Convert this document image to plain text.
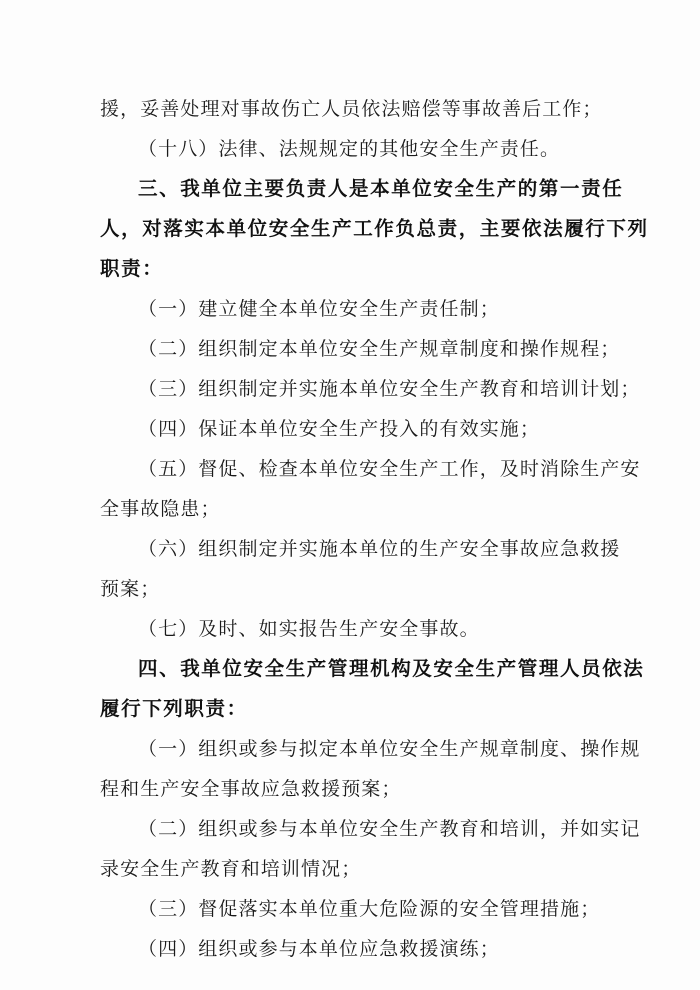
援，妥善处理对事故伤亡人员依法赔偿等事故善后工作；
（十八）法律、法规规定的其他安全生产责任。
三、我单位主要负责人是本单位安全生产的第一责任
人，对落实本单位安全生产工作负总责，主要依法履行下列
职责：
（一）建立健全本单位安全生产责任制；
（二）组织制定本单位安全生产规章制度和操作规程；
（三）组织制定并实施本单位安全生产教育和培训计划；
（四）保证本单位安全生产投入的有效实施；
（五）督促、检查本单位安全生产工作，及时消除生产安
全事故隐患；
（六）组织制定并实施本单位的生产安全事故应急救援
预案；
（七）及时、如实报告生产安全事故。
四、我单位安全生产管理机构及安全生产管理人员依法
履行下列职责：
（一）组织或参与拟定本单位安全生产规章制度、操作规
程和生产安全事故应急救援预案；
（二）组织或参与本单位安全生产教育和培训，并如实记
录安全生产教育和培训情况；
（三）督促落实本单位重大危险源的安全管理措施；
（四）组织或参与本单位应急救援演练；
